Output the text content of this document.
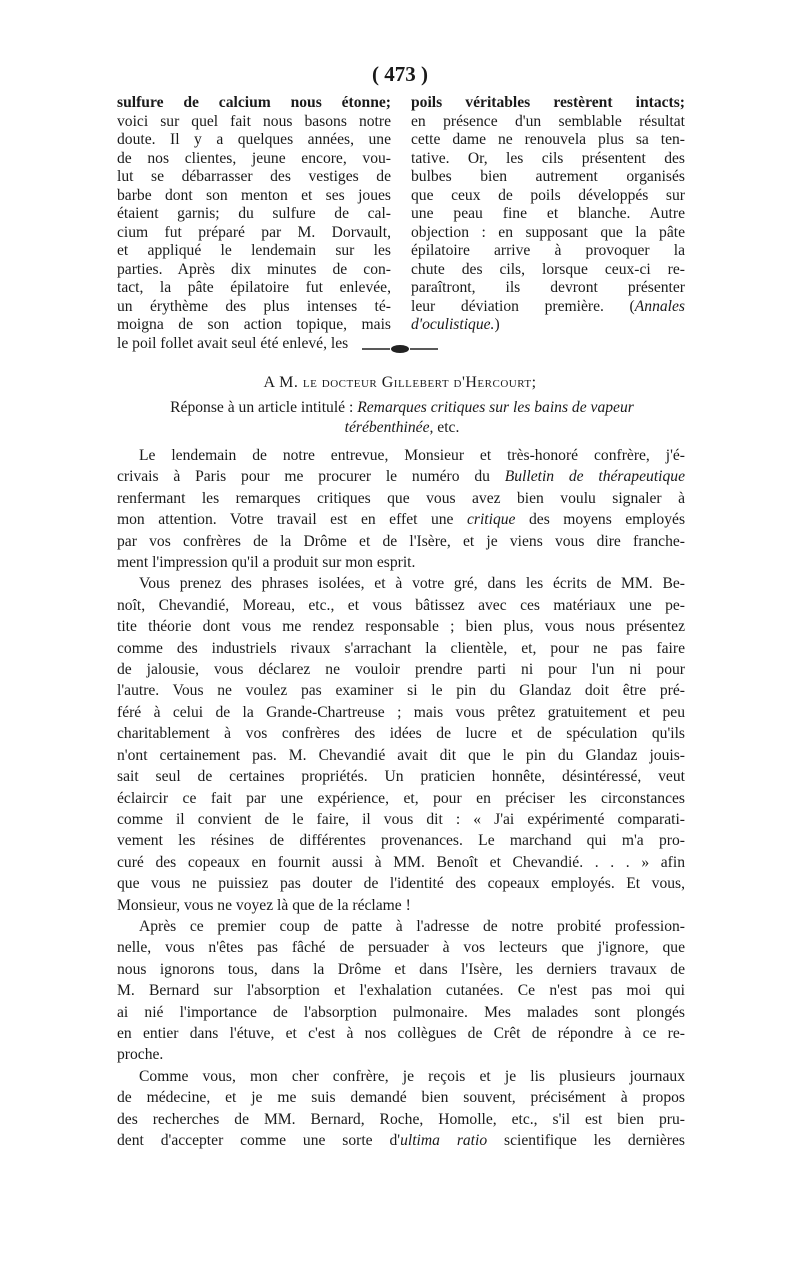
( 473 )
sulfure de calcium nous étonne;
voici sur quel fait nous basons notre
doute. Il y a quelques années, une
de nos clientes, jeune encore, vou-
lut se débarrasser des vestiges de
barbe dont son menton et ses joues
étaient garnis; du sulfure de cal-
cium fut préparé par M. Dorvault,
et appliqué le lendemain sur les
parties. Après dix minutes de con-
tact, la pâte épilatoire fut enlevée,
un érythème des plus intenses té-
moigna de son action topique, mais
le poil follet avait seul été enlevé, les
poils véritables restèrent intacts;
en présence d'un semblable résultat
cette dame ne renouvela plus sa ten-
tative. Or, les cils présentent des
bulbes bien autrement organisés
que ceux de poils développés sur
une peau fine et blanche. Autre
objection : en supposant que la pâte
épilatoire arrive à provoquer la
chute des cils, lorsque ceux-ci re-
paraîtront, ils devront présenter
leur déviation première. (Annales
d'oculistique.)
A M. le docteur Gillebert d'Hercourt;
Réponse à un article intitulé : Remarques critiques sur les bains de vapeur
térébenthinée, etc.
Le lendemain de notre entrevue, Monsieur et très-honoré confrère, j'é-
crivais à Paris pour me procurer le numéro du Bulletin de thérapeutique
renfermant les remarques critiques que vous avez bien voulu signaler à
mon attention. Votre travail est en effet une critique des moyens employés
par vos confrères de la Drôme et de l'Isère, et je viens vous dire franche-
ment l'impression qu'il a produit sur mon esprit.
Vous prenez des phrases isolées, et à votre gré, dans les écrits de MM. Be-
noît, Chevandié, Moreau, etc., et vous bâtissez avec ces matériaux une pe-
tite théorie dont vous me rendez responsable ; bien plus, vous nous présentez
comme des industriels rivaux s'arrachant la clientèle, et, pour ne pas faire
de jalousie, vous déclarez ne vouloir prendre parti ni pour l'un ni pour
l'autre. Vous ne voulez pas examiner si le pin du Glandaz doit être pré-
féré à celui de la Grande-Chartreuse ; mais vous prêtez gratuitement et peu
charitablement à vos confrères des idées de lucre et de spéculation qu'ils
n'ont certainement pas. M. Chevandié avait dit que le pin du Glandaz jouis-
sait seul de certaines propriétés. Un praticien honnête, désintéressé, veut
éclaircir ce fait par une expérience, et, pour en préciser les circonstances
comme il convient de le faire, il vous dit : « J'ai expérimenté comparati-
vement les résines de différentes provenances. Le marchand qui m'a pro-
curé des copeaux en fournit aussi à MM. Benoît et Chevandié. . . . » afin
que vous ne puissiez pas douter de l'identité des copeaux employés. Et vous,
Monsieur, vous ne voyez là que de la réclame !
Après ce premier coup de patte à l'adresse de notre probité profession-
nelle, vous n'êtes pas fâché de persuader à vos lecteurs que j'ignore, que
nous ignorons tous, dans la Drôme et dans l'Isère, les derniers travaux de
M. Bernard sur l'absorption et l'exhalation cutanées. Ce n'est pas moi qui
ai nié l'importance de l'absorption pulmonaire. Mes malades sont plongés
en entier dans l'étuve, et c'est à nos collègues de Crêt de répondre à ce re-
proche.
Comme vous, mon cher confrère, je reçois et je lis plusieurs journaux
de médecine, et je me suis demandé bien souvent, précisément à propos
des recherches de MM. Bernard, Roche, Homolle, etc., s'il est bien pru-
dent d'accepter comme une sorte d'ultima ratio scientifique les dernières
